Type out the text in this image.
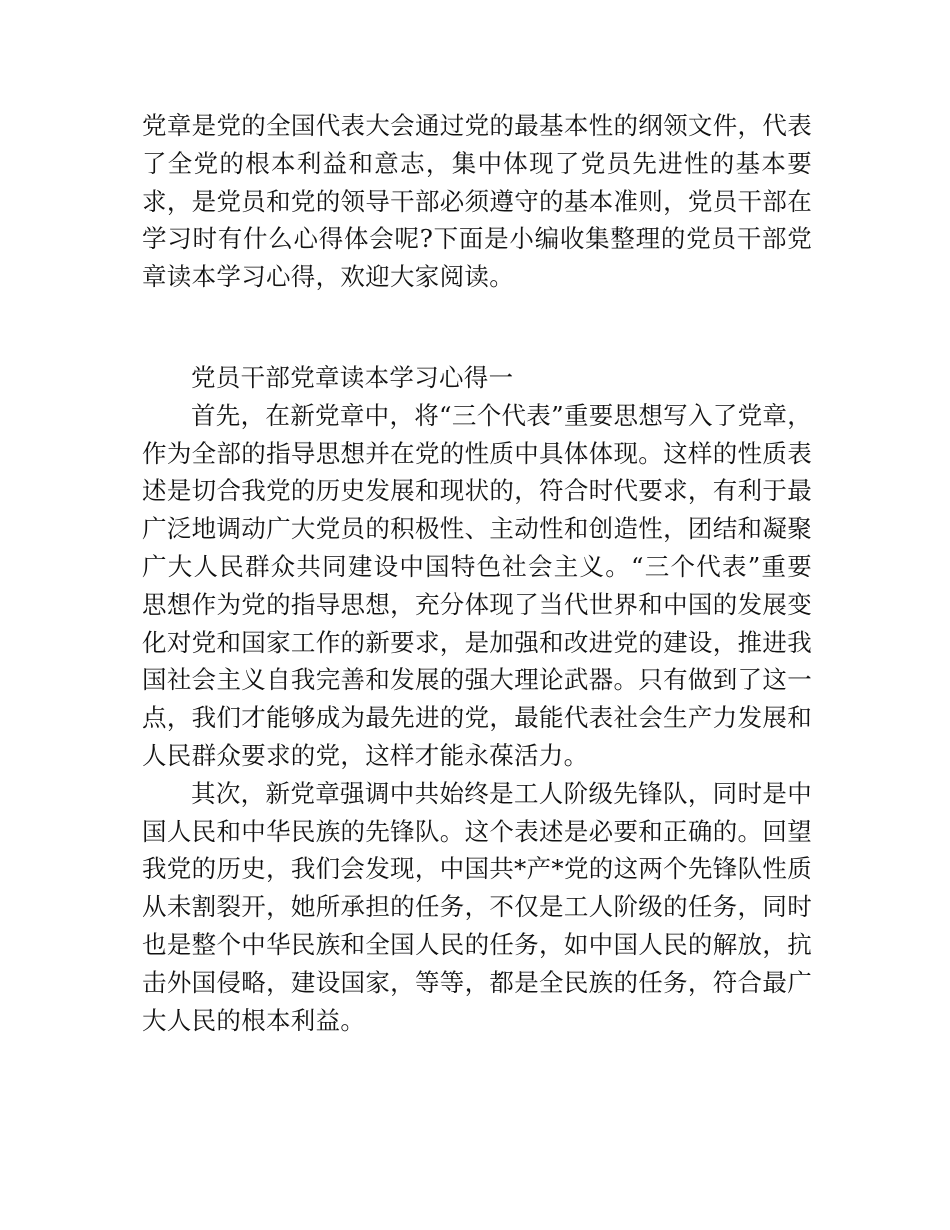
党章是党的全国代表大会通过党的最基本性的纲领文件，代表了全党的根本利益和意志，集中体现了党员先进性的基本要求，是党员和党的领导干部必须遵守的基本准则，党员干部在学习时有什么心得体会呢?下面是小编收集整理的党员干部党章读本学习心得，欢迎大家阅读。

党员干部党章读本学习心得一

首先，在新党章中，将“三个代表”重要思想写入了党章，作为全部的指导思想并在党的性质中具体体现。这样的性质表述是切合我党的历史发展和现状的，符合时代要求，有利于最广泛地调动广大党员的积极性、主动性和创造性，团结和凝聚广大人民群众共同建设中国特色社会主义。“三个代表”重要思想作为党的指导思想，充分体现了当代世界和中国的发展变化对党和国家工作的新要求，是加强和改进党的建设，推进我国社会主义自我完善和发展的强大理论武器。只有做到了这一点，我们才能够成为最先进的党，最能代表社会生产力发展和人民群众要求的党，这样才能永葆活力。

其次，新党章强调中共始终是工人阶级先锋队，同时是中国人民和中华民族的先锋队。这个表述是必要和正确的。回望我党的历史，我们会发现，中国共*产*党的这两个先锋队性质从未割裂开，她所承担的任务，不仅是工人阶级的任务，同时也是整个中华民族和全国人民的任务，如中国人民的解放，抗击外国侵略，建设国家，等等，都是全民族的任务，符合最广大人民的根本利益。
